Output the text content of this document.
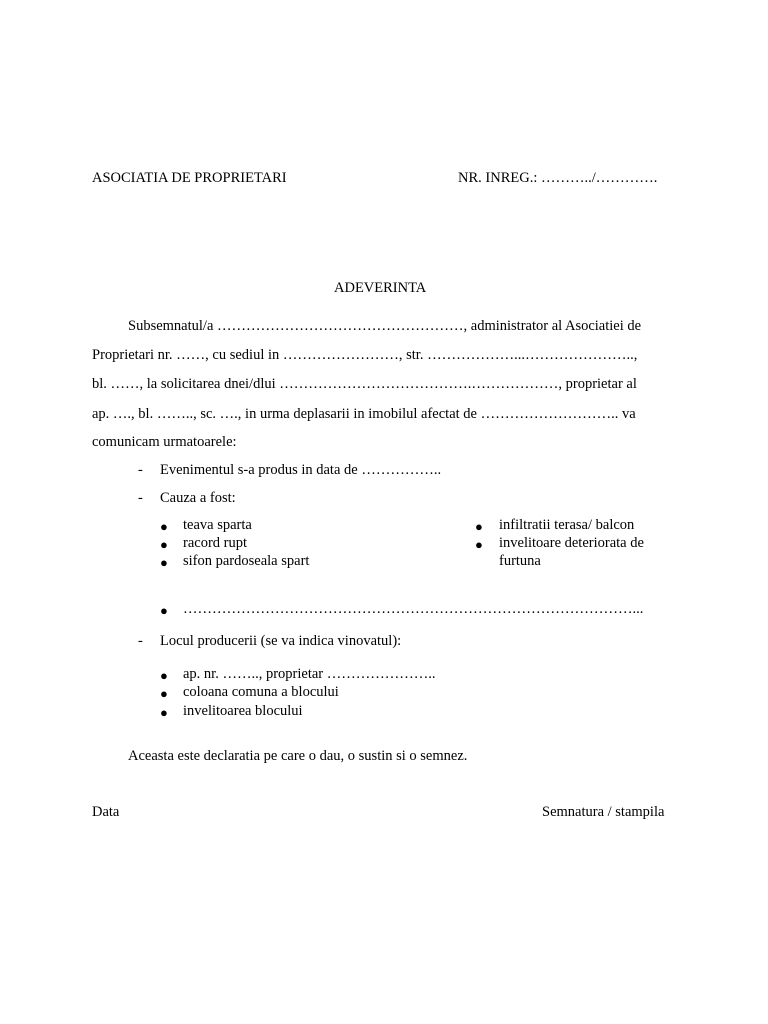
ASOCIATIA DE PROPRIETARI	NR. INREG.: ………../………….
ADEVERINTA
Subsemnatul/a ……………………………………………, administrator al Asociatiei de
Proprietari nr. ……, cu sediul in ……………………, str. ………………...…………………..,
bl. ……, la solicitarea dnei/dlui ………………………………….………………, proprietar al
ap. …., bl. …….., sc. …., in urma deplasarii in imobilul afectat de ……………………….. va
comunicam urmatoarele:
- Evenimentul s-a produs in data de ……………..
- Cauza a fost:
● teava sparta
● racord rupt
● sifon pardoseala spart
● infiltratii terasa/ balcon
● invelitoare deteriorata de
furtuna
● …………………………………………………………………………………...
- Locul producerii (se va indica vinovatul):
● ap. nr. …….., proprietar …………………..
● coloana comuna a blocului
● invelitoarea blocului
Aceasta este declaratia pe care o dau, o sustin si o semnez.
Data	Semnatura / stampila
